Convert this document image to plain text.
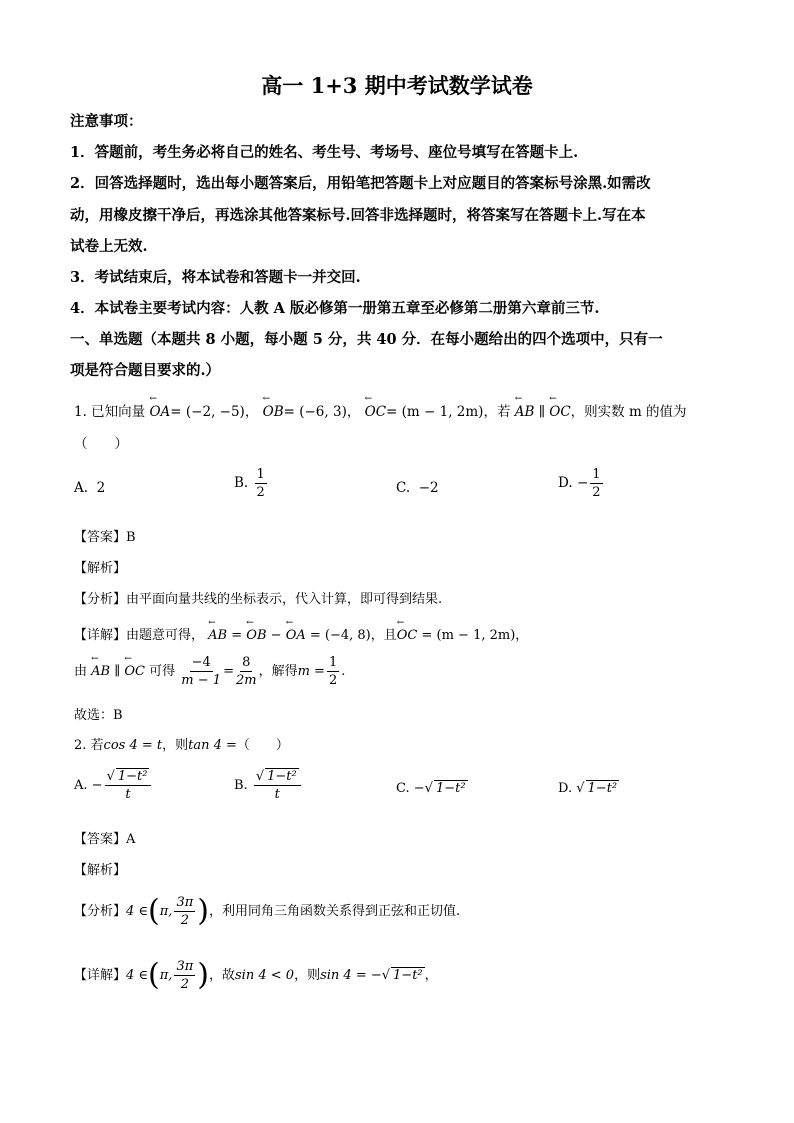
高一 1+3 期中考试数学试卷
注意事项：
1．答题前，考生务必将自己的姓名、考生号、考场号、座位号填写在答题卡上.
2．回答选择题时，选出每小题答案后，用铅笔把答题卡上对应题目的答案标号涂黑.如需改
动，用橡皮擦干净后，再选涂其他答案标号.回答非选择题时，将答案写在答题卡上.写在本
试卷上无效.
3．考试结束后，将本试卷和答题卡一并交回.
4．本试卷主要考试内容：人教 A 版必修第一册第五章至必修第二册第六章前三节.
一、单选题（本题共 8 小题，每小题 5 分，共 40 分．在每小题给出的四个选项中，只有一
项是符合题目要求的.）
1. 已知向量 ← OA= (−2, −5)， ← OB= (−6, 3)， ← OC= (m − 1, 2m)，若 ← AB ∥ ← OC，则实数 m 的值为
（　　）
A. 2	B. $\frac{1}{2}$	C. −2	D. − $\frac{1}{2}$
【答案】B
【解析】
【分析】由平面向量共线的坐标表示，代入计算，即可得到结果.
【详解】由题意可得， ← AB = ← OB − ← OA = (−4, 8)，且← OC = (m − 1, 2m)，
由 ← AB ∥ ← OC 可得 $\frac{-4}{m - 1} = \frac{8}{2m}$ ，解得$m = \frac{1}{2}$ .
故选：B
2. 若cos 4 = t，则tan 4 =（　　）
A. − $\frac{\text{√ 1−t²}}{t}$	B. $\frac{\text{√ 1−t²}}{t}$	C. −√ 1−t²	D. √ 1−t²
【答案】A
【解析】
【分析】4 ∈(π, $\frac{3\pi}{2}$ )，利用同角三角函数关系得到正弦和正切值.
【详解】4 ∈(π, $\frac{3\pi}{2}$ )，故sin 4 < 0，则sin 4 = −√ 1−t² ，
